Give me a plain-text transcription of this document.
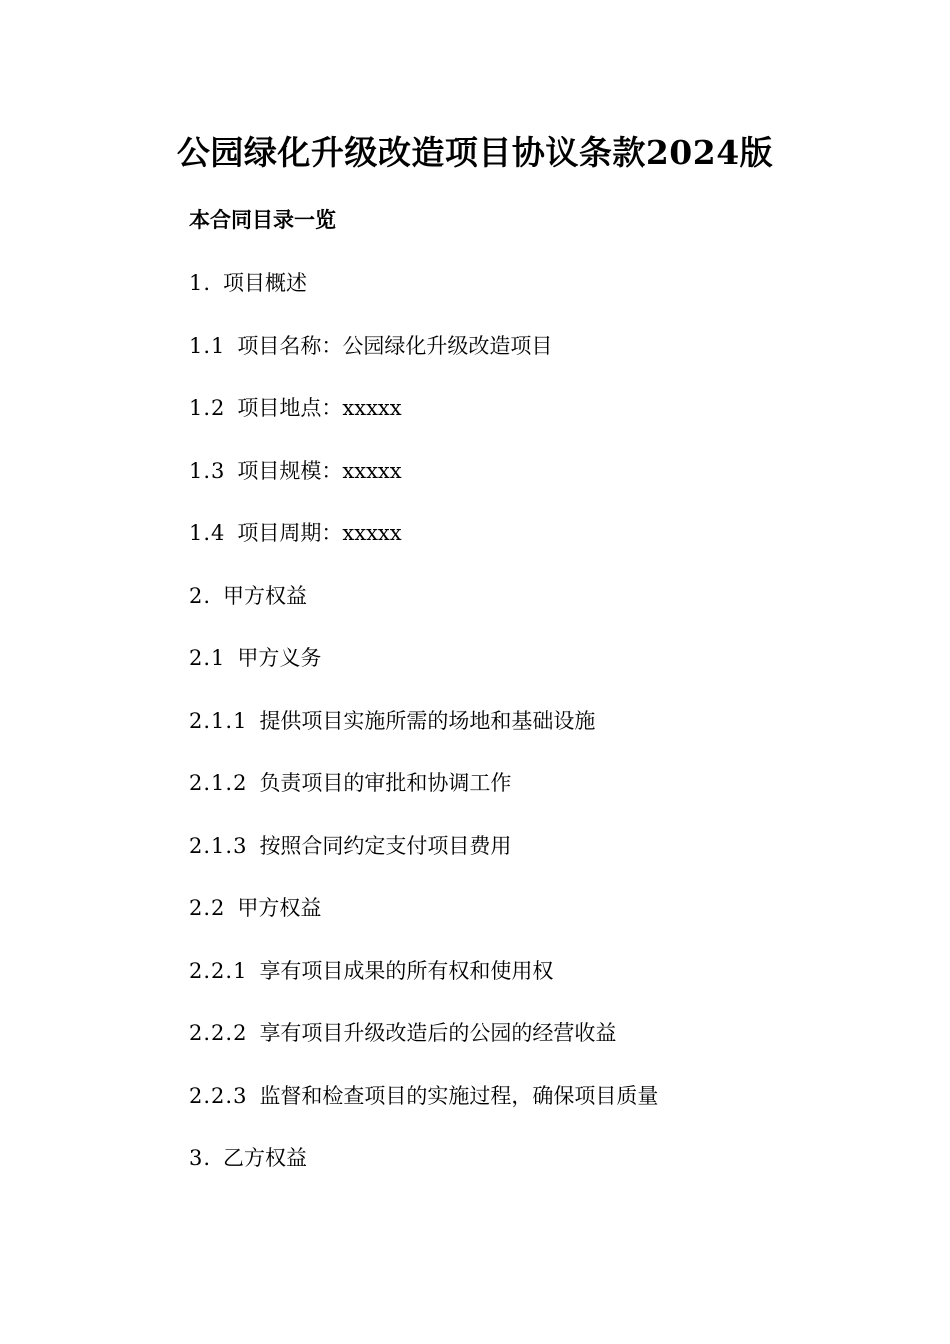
公园绿化升级改造项目协议条款2024版
本合同目录一览
1. 项目概述
1.1 项目名称：公园绿化升级改造项目
1.2 项目地点：xxxxx
1.3 项目规模：xxxxx
1.4 项目周期：xxxxx
2. 甲方权益
2.1 甲方义务
2.1.1 提供项目实施所需的场地和基础设施
2.1.2 负责项目的审批和协调工作
2.1.3 按照合同约定支付项目费用
2.2 甲方权益
2.2.1 享有项目成果的所有权和使用权
2.2.2 享有项目升级改造后的公园的经营收益
2.2.3 监督和检查项目的实施过程，确保项目质量
3. 乙方权益
